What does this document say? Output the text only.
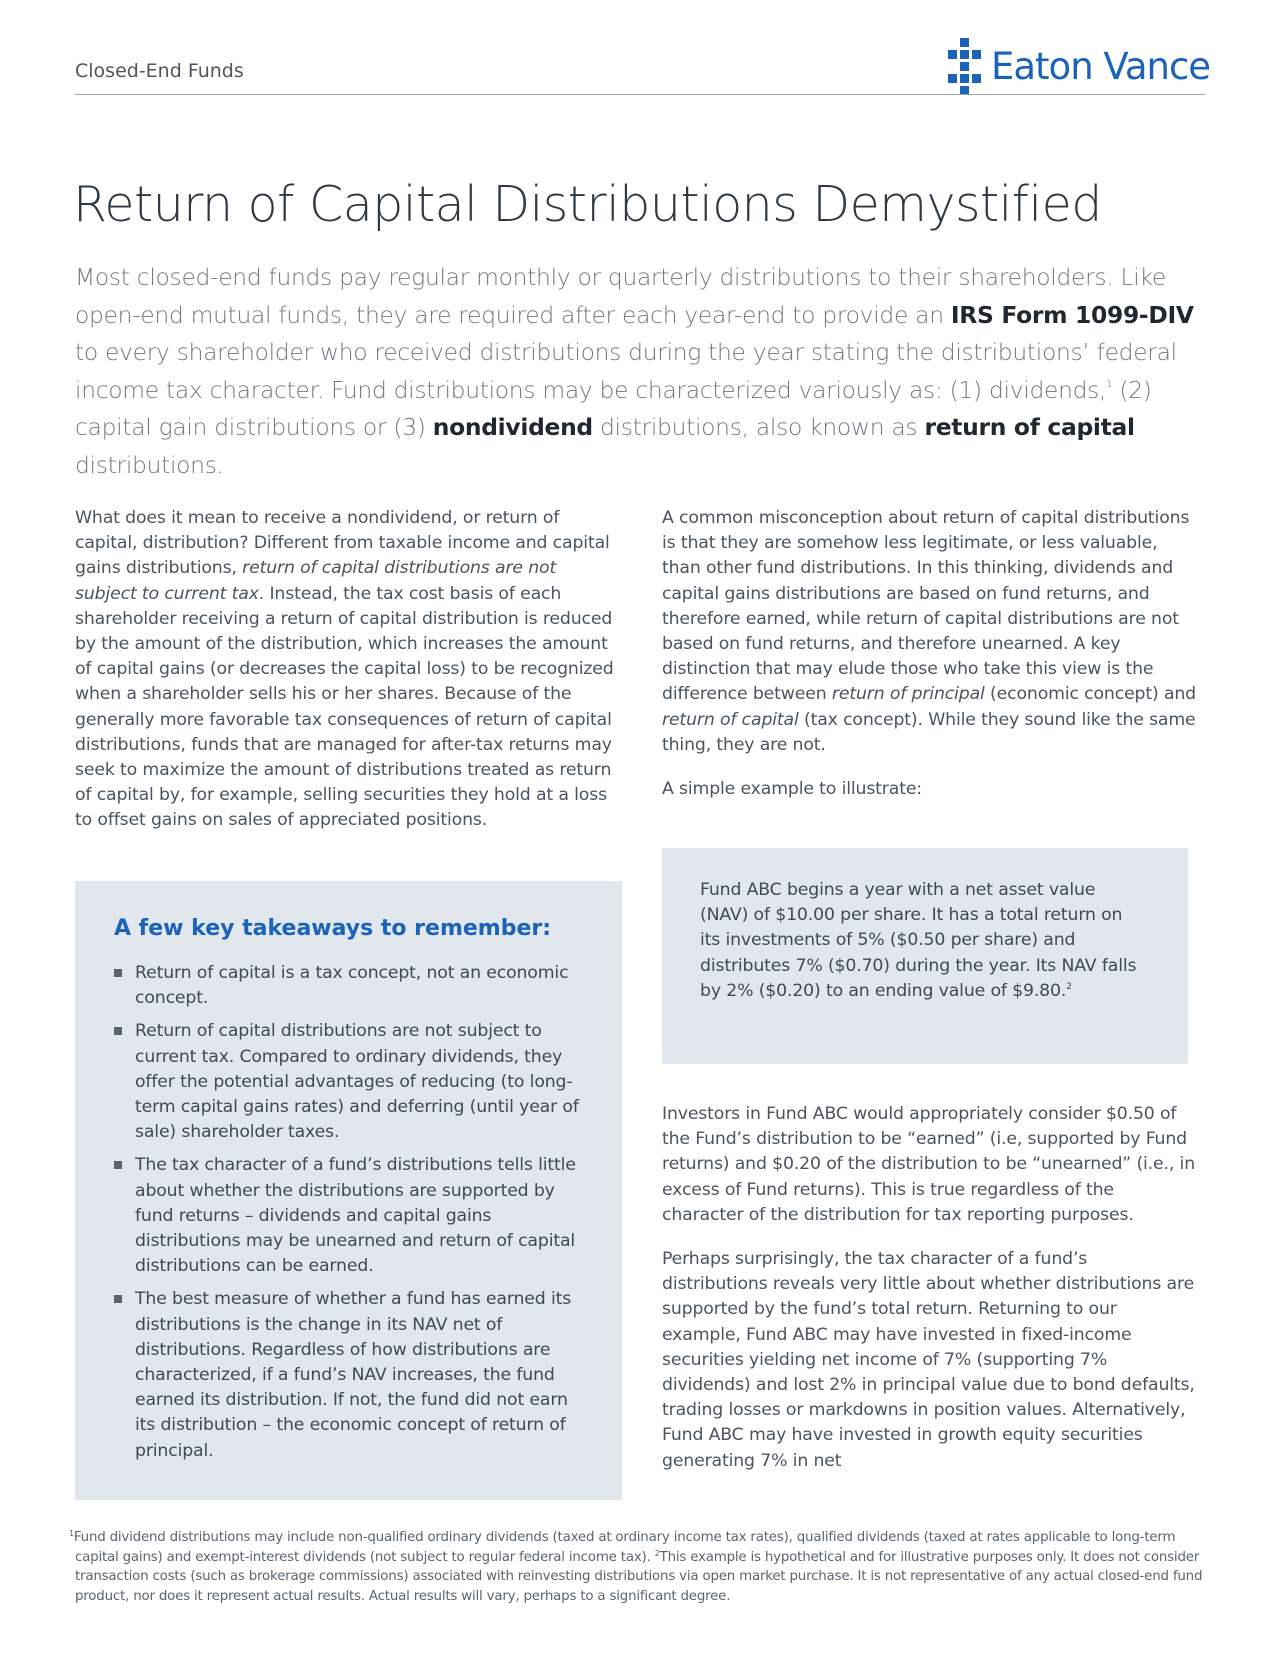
Closed-End Funds	Eaton Vance
Return of Capital Distributions Demystified
Most closed-end funds pay regular monthly or quarterly distributions to their shareholders. Like open-end mutual funds, they are required after each year-end to provide an IRS Form 1099-DIV to every shareholder who received distributions during the year stating the distributions’ federal income tax character. Fund distributions may be characterized variously as: (1) dividends,$^1$ (2) capital gain distributions or (3) nondividend distributions, also known as return of capital distributions.

What does it mean to receive a nondividend, or return of capital, distribution? Different from taxable income and capital gains distributions, return of capital distributions are not subject to current tax. Instead, the tax cost basis of each shareholder receiving a return of capital distribution is reduced by the amount of the distribution, which increases the amount of capital gains (or decreases the capital loss) to be recognized when a shareholder sells his or her shares. Because of the generally more favorable tax consequences of return of capital distributions, funds that are managed for after-tax returns may seek to maximize the amount of distributions treated as return of capital by, for example, selling securities they hold at a loss to offset gains on sales of appreciated positions.

A few key takeaways to remember:
Return of capital is a tax concept, not an economic concept.
Return of capital distributions are not subject to current tax. Compared to ordinary dividends, they offer the potential advantages of reducing (to long-term capital gains rates) and deferring (until year of sale) shareholder taxes.
The tax character of a fund’s distributions tells little about whether the distributions are supported by fund returns – dividends and capital gains distributions may be unearned and return of capital distributions can be earned.
The best measure of whether a fund has earned its distributions is the change in its NAV net of distributions. Regardless of how distributions are characterized, if a fund’s NAV increases, the fund earned its distribution. If not, the fund did not earn its distribution – the economic concept of return of principal.

A common misconception about return of capital distributions is that they are somehow less legitimate, or less valuable, than other fund distributions. In this thinking, dividends and capital gains distributions are based on fund returns, and therefore earned, while return of capital distributions are not based on fund returns, and therefore unearned. A key distinction that may elude those who take this view is the difference between return of principal (economic concept) and return of capital (tax concept). While they sound like the same thing, they are not.

A simple example to illustrate:

Fund ABC begins a year with a net asset value (NAV) of $10.00 per share. It has a total return on its investments of 5% ($0.50 per share) and distributes 7% ($0.70) during the year. Its NAV falls by 2% ($0.20) to an ending value of $9.80.$^2$

Investors in Fund ABC would appropriately consider $0.50 of the Fund’s distribution to be “earned” (i.e, supported by Fund returns) and $0.20 of the distribution to be “unearned” (i.e., in excess of Fund returns). This is true regardless of the character of the distribution for tax reporting purposes.

Perhaps surprisingly, the tax character of a fund’s distributions reveals very little about whether distributions are supported by the fund’s total return. Returning to our example, Fund ABC may have invested in fixed-income securities yielding net income of 7% (supporting 7% dividends) and lost 2% in principal value due to bond defaults, trading losses or markdowns in position values. Alternatively, Fund ABC may have invested in growth equity securities generating 7% in net

$^1$Fund dividend distributions may include non-qualified ordinary dividends (taxed at ordinary income tax rates), qualified dividends (taxed at rates applicable to long-term capital gains) and exempt-interest dividends (not subject to regular federal income tax). $^2$This example is hypothetical and for illustrative purposes only. It does not consider transaction costs (such as brokerage commissions) associated with reinvesting distributions via open market purchase. It is not representative of any actual closed-end fund product, nor does it represent actual results. Actual results will vary, perhaps to a significant degree.
